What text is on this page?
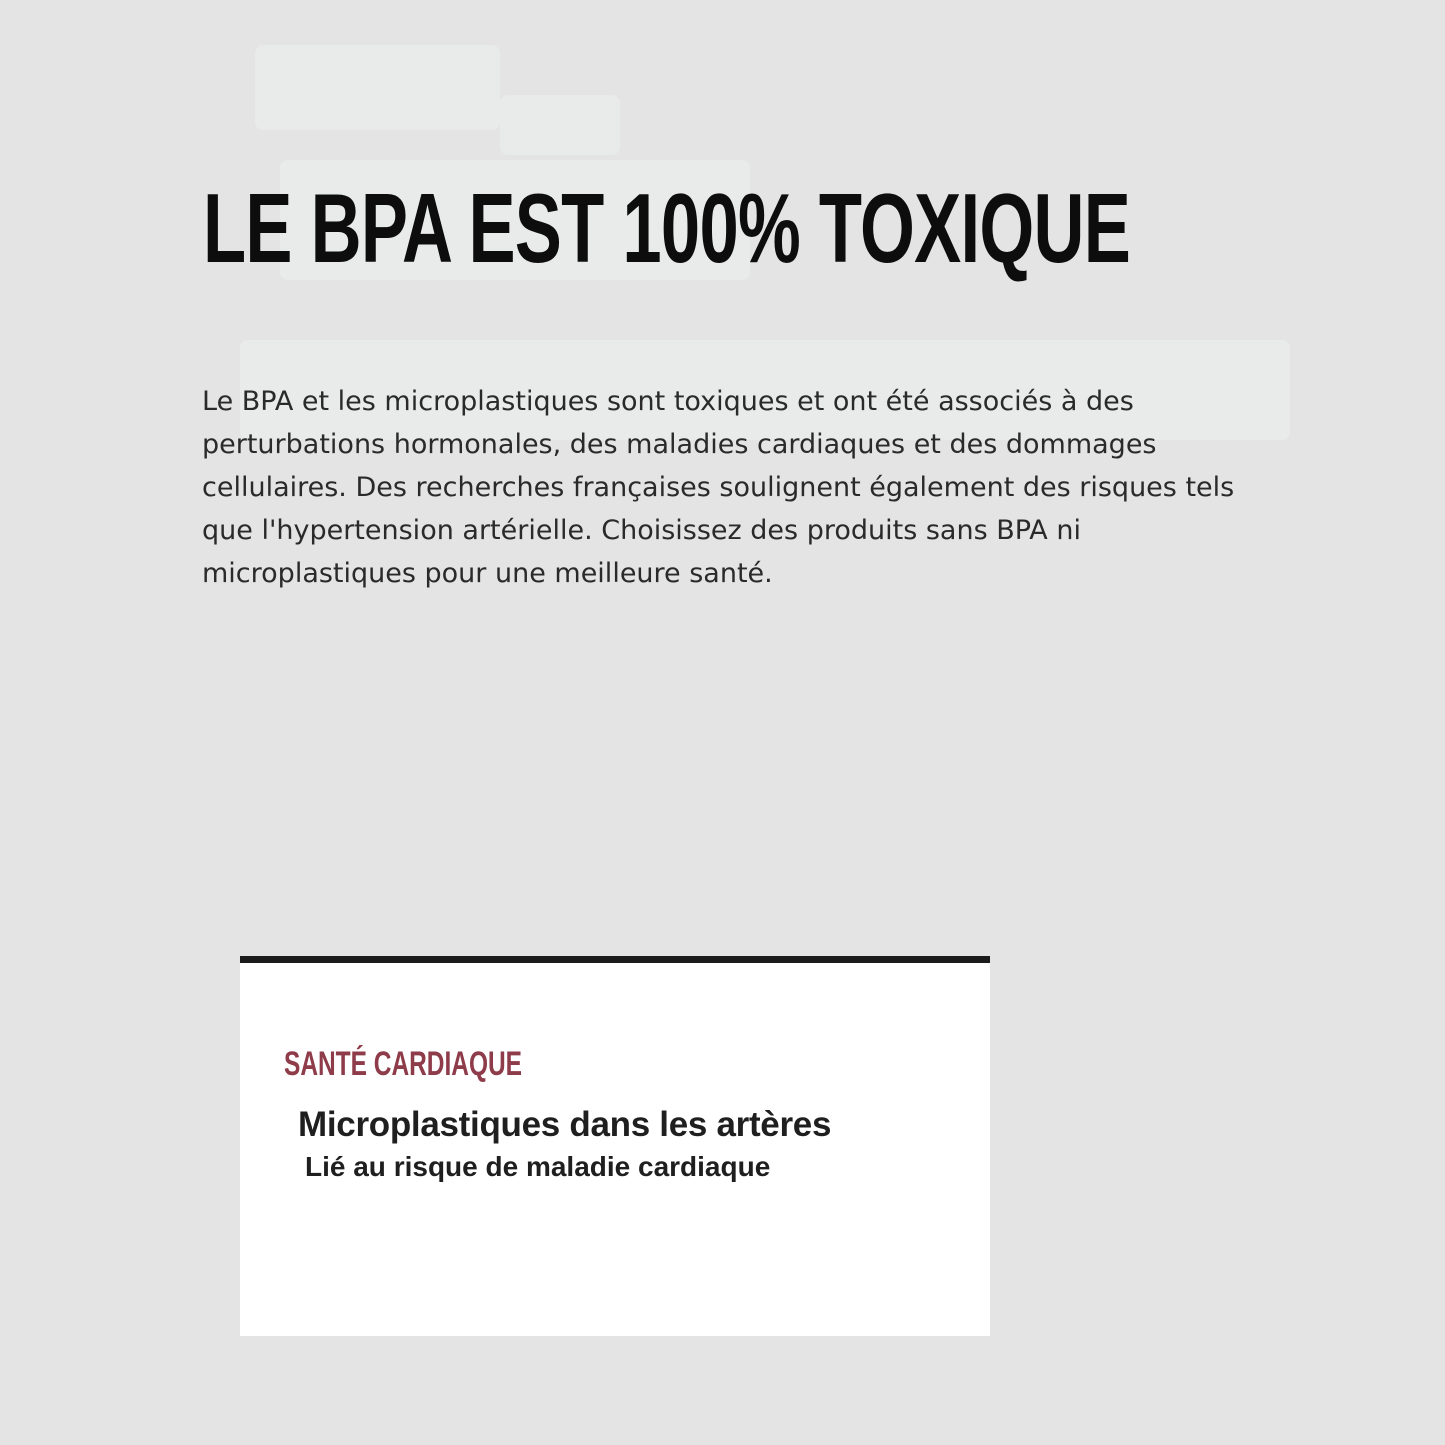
LE BPA EST 100% TOXIQUE

Le BPA et les microplastiques sont toxiques et ont été associés à des perturbations hormonales, des maladies cardiaques et des dommages cellulaires. Des recherches françaises soulignent également des risques tels que l'hypertension artérielle. Choisissez des produits sans BPA ni microplastiques pour une meilleure santé.

SANTÉ CARDIAQUE
Microplastiques dans les artères
Lié au risque de maladie cardiaque
